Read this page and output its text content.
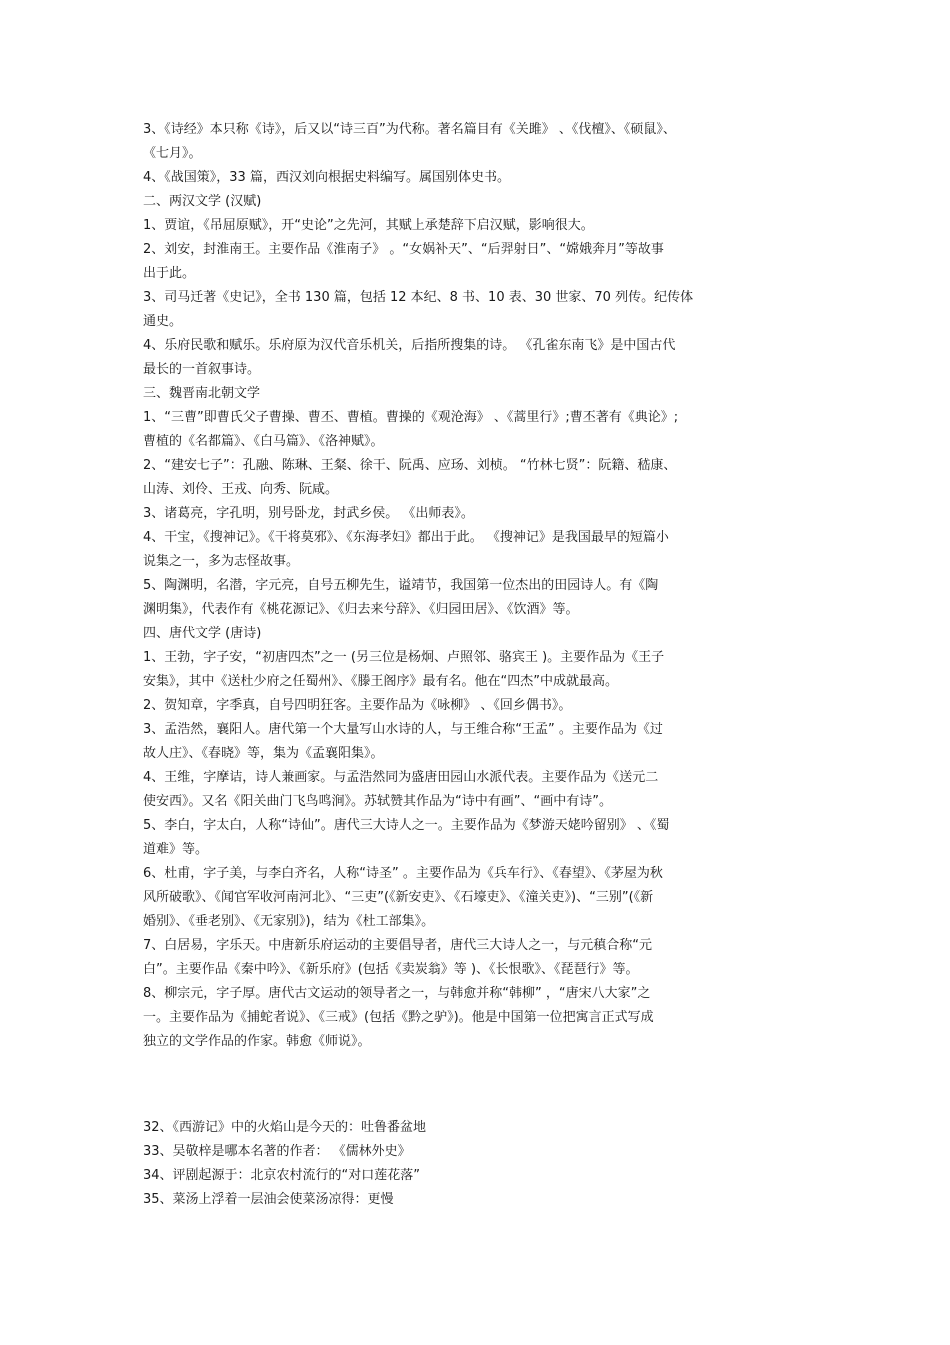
3、《诗经》本只称《诗》，后又以“诗三百”为代称。著名篇目有《关雎》 、《伐檀》、《硕鼠》、
《七月》。
4、《战国策》，33 篇，西汉刘向根据史料编写。属国别体史书。
二、两汉文学 (汉赋)
1、贾谊，《吊屈原赋》，开“史论”之先河，其赋上承楚辞下启汉赋，影响很大。
2、刘安，封淮南王。主要作品《淮南子》 。“女娲补天”、“后羿射日”、“嫦娥奔月”等故事
出于此。
3、司马迁著《史记》，全书 130 篇，包括 12 本纪、8 书、10 表、30 世家、70 列传。纪传体
通史。
4、乐府民歌和赋乐。乐府原为汉代音乐机关，后指所搜集的诗。 《孔雀东南飞》是中国古代
最长的一首叙事诗。
三、魏晋南北朝文学
1、“三曹”即曹氏父子曹操、曹丕、曹植。曹操的《观沧海》 、《蒿里行》;曹丕著有《典论》;
曹植的《名都篇》、《白马篇》、《洛神赋》。
2、“建安七子”：孔融、陈琳、王粲、徐干、阮禹、应玚、刘桢。 “竹林七贤”：阮籍、嵇康、
山涛、刘伶、王戎、向秀、阮咸。
3、诸葛亮，字孔明，别号卧龙，封武乡侯。 《出师表》。
4、干宝，《搜神记》。《干将莫邪》、《东海孝妇》都出于此。 《搜神记》是我国最早的短篇小
说集之一，多为志怪故事。
5、陶渊明，名潜，字元亮，自号五柳先生，谥靖节，我国第一位杰出的田园诗人。有《陶
渊明集》，代表作有《桃花源记》、《归去来兮辞》、《归园田居》、《饮酒》等。
四、唐代文学 (唐诗)
1、王勃，字子安，“初唐四杰”之一 (另三位是杨炯、卢照邻、骆宾王 )。主要作品为《王子
安集》，其中《送杜少府之任蜀州》、《滕王阁序》最有名。他在“四杰”中成就最高。
2、贺知章，字季真，自号四明狂客。主要作品为《咏柳》 、《回乡偶书》。
3、孟浩然，襄阳人。唐代第一个大量写山水诗的人，与王维合称“王孟” 。主要作品为《过
故人庄》、《春晓》等，集为《孟襄阳集》。
4、王维，字摩诘，诗人兼画家。与孟浩然同为盛唐田园山水派代表。主要作品为《送元二
使安西》。又名《阳关曲门飞鸟鸣涧》。苏轼赞其作品为“诗中有画”、“画中有诗”。
5、李白，字太白，人称“诗仙”。唐代三大诗人之一。主要作品为《梦游天姥吟留别》 、《蜀
道难》等。
6、杜甫，字子美，与李白齐名，人称“诗圣” 。主要作品为《兵车行》、《春望》、《茅屋为秋
风所破歌》、《闻官军收河南河北》、“三吏”(《新安吏》、《石壕吏》、《潼关吏》)、“三别”(《新
婚别》、《垂老别》、《无家别》)，结为《杜工部集》。
7、白居易，字乐天。中唐新乐府运动的主要倡导者，唐代三大诗人之一，与元稹合称“元
白”。主要作品《秦中吟》、《新乐府》(包括《卖炭翁》等 )、《长恨歌》、《琵琶行》等。
8、柳宗元，字子厚。唐代古文运动的领导者之一，与韩愈并称“韩柳” ，“唐宋八大家”之
一。主要作品为《捕蛇者说》、《三戒》(包括《黔之驴》)。他是中国第一位把寓言正式写成
独立的文学作品的作家。韩愈《师说》。
32、《西游记》中的火焰山是今天的：吐鲁番盆地
33、吴敬梓是哪本名著的作者： 《儒林外史》
34、评剧起源于：北京农村流行的“对口莲花落”
35、菜汤上浮着一层油会使菜汤凉得：更慢
